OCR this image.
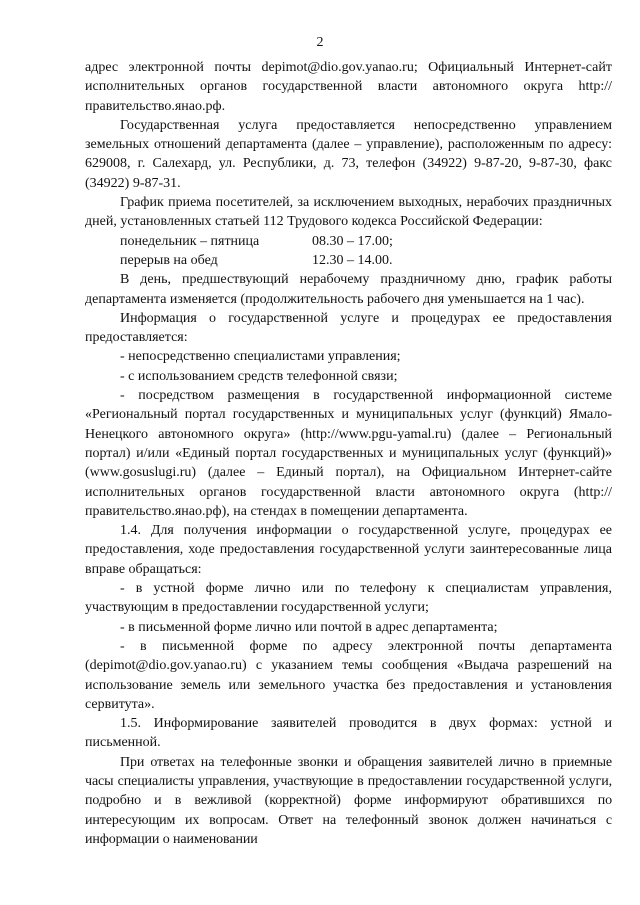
2

адрес электронной почты depimot@dio.gov.yanao.ru; Официальный Интернет-сайт исполнительных органов государственной власти автономного округа http://правительство.янао.рф.

Государственная услуга предоставляется непосредственно управлением земельных отношений департамента (далее – управление), расположенным по адресу: 629008, г. Салехард, ул. Республики, д. 73, телефон (34922) 9-87-20, 9-87-30, факс (34922) 9-87-31.

График приема посетителей, за исключением выходных, нерабочих праздничных дней, установленных статьей 112 Трудового кодекса Российской Федерации:

понедельник – пятница	08.30 – 17.00;
перерыв на обед	12.30 – 14.00.

В день, предшествующий нерабочему праздничному дню, график работы департамента изменяется (продолжительность рабочего дня уменьшается на 1 час).

Информация о государственной услуге и процедурах ее предоставления предоставляется:

- непосредственно специалистами управления;

- с использованием средств телефонной связи;

- посредством размещения в государственной информационной системе «Региональный портал государственных и муниципальных услуг (функций) Ямало-Ненецкого автономного округа» (http://www.pgu-yamal.ru) (далее – Региональный портал) и/или «Единый портал государственных и муниципальных услуг (функций)» (www.gosuslugi.ru) (далее – Единый портал), на Официальном Интернет-сайте исполнительных органов государственной власти автономного округа (http://правительство.янао.рф), на стендах в помещении департамента.

1.4. Для получения информации о государственной услуге, процедурах ее предоставления, ходе предоставления государственной услуги заинтересованные лица вправе обращаться:

- в устной форме лично или по телефону к специалистам управления, участвующим в предоставлении государственной услуги;

- в письменной форме лично или почтой в адрес департамента;

- в письменной форме по адресу электронной почты департамента (depimot@dio.gov.yanao.ru) с указанием темы сообщения «Выдача разрешений на использование земель или земельного участка без предоставления и установления сервитута».

1.5. Информирование заявителей проводится в двух формах: устной и письменной.

При ответах на телефонные звонки и обращения заявителей лично в приемные часы специалисты управления, участвующие в предоставлении государственной услуги, подробно и в вежливой (корректной) форме информируют обратившихся по интересующим их вопросам. Ответ на телефонный звонок должен начинаться с информации о наименовании
